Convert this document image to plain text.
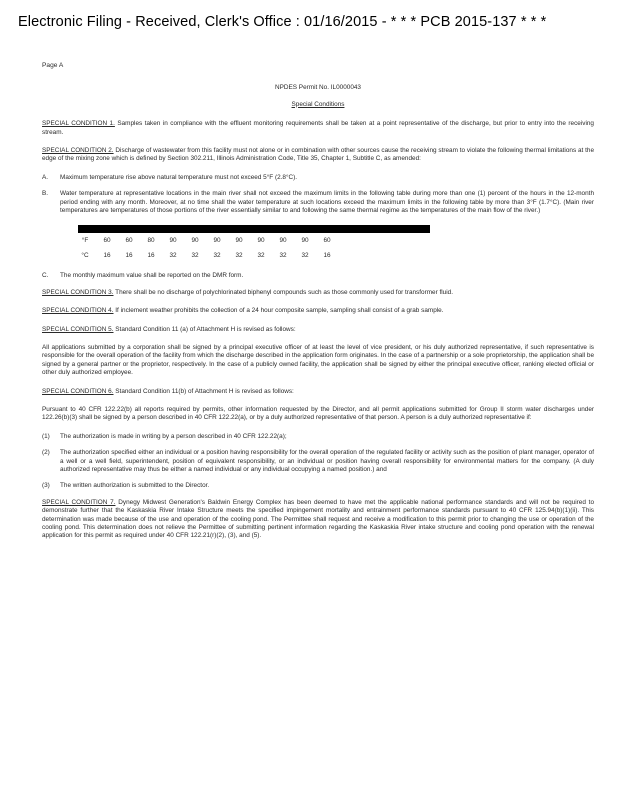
Electronic Filing - Received, Clerk's Office : 01/16/2015 - * * * PCB 2015-137 * * *
Page A
NPDES Permit No. IL0000043
Special Conditions

SPECIAL CONDITION 1. Samples taken in compliance with the effluent monitoring requirements shall be taken at a point representative of the discharge, but prior to entry into the receiving stream.

SPECIAL CONDITION 2. Discharge of wastewater from this facility must not alone or in combination with other sources cause the receiving stream to violate the following thermal limitations at the edge of the mixing zone which is defined by Section 302.211, Illinois Administration Code, Title 35, Chapter 1, Subtitle C, as amended:

A.	Maximum temperature rise above natural temperature must not exceed 5°F (2.8°C).
B.	Water temperature at representative locations in the main river shall not exceed the maximum limits in the following table during more than one (1) percent of the hours in the 12-month period ending with any month. Moreover, at no time shall the water temperature at such locations exceed the maximum limits in the following table by more than 3°F (1.7°C). (Main river temperatures are temperatures of those portions of the river essentially similar to and following the same thermal regime as the temperatures of the main flow of the river.)
°F	60	60	80	90	90	90	90	90	90	90	60
°C	16	16	16	32	32	32	32	32	32	32	16
C.	The monthly maximum value shall be reported on the DMR form.

SPECIAL CONDITION 3. There shall be no discharge of polychlorinated biphenyl compounds such as those commonly used for transformer fluid.

SPECIAL CONDITION 4. If inclement weather prohibits the collection of a 24 hour composite sample, sampling shall consist of a grab sample.

SPECIAL CONDITION 5. Standard Condition 11 (a) of Attachment H is revised as follows:

All applications submitted by a corporation shall be signed by a principal executive officer of at least the level of vice president, or his duly authorized representative, if such representative is responsible for the overall operation of the facility from which the discharge described in the application form originates. In the case of a partnership or a sole proprietorship, the application shall be signed by a general partner or the proprietor, respectively. In the case of a publicly owned facility, the application shall be signed by either the principal executive officer, ranking elected official or other duly authorized employee.

SPECIAL CONDITION 6. Standard Condition 11(b) of Attachment H is revised as follows:

Pursuant to 40 CFR 122.22(b) all reports required by permits, other information requested by the Director, and all permit applications submitted for Group II storm water discharges under 122.26(b)(3) shall be signed by a person described in 40 CFR 122.22(a), or by a duly authorized representative of that person. A person is a duly authorized representative if:

(1)	The authorization is made in writing by a person described in 40 CFR 122.22(a);
(2)	The authorization specified either an individual or a position having responsibility for the overall operation of the regulated facility or activity such as the position of plant manager, operator of a well or a well field, superintendent, position of equivalent responsibility, or an individual or position having overall responsibility for environmental matters for the company. (A duly authorized representative may thus be either a named individual or any individual occupying a named position.) and
(3)	The written authorization is submitted to the Director.

SPECIAL CONDITION 7. Dynegy Midwest Generation's Baldwin Energy Complex has been deemed to have met the applicable national performance standards and will not be required to demonstrate further that the Kaskaskia River Intake Structure meets the specified impingement mortality and entrainment performance standards pursuant to 40 CFR 125.94(b)(1)(ii). This determination was made because of the use and operation of the cooling pond. The Permittee shall request and receive a modification to this permit prior to changing the use or operation of the cooling pond. This determination does not relieve the Permittee of submitting pertinent information regarding the Kaskaskia River intake structure and cooling pond operation with the renewal application for this permit as required under 40 CFR 122.21(r)(2), (3), and (5).
